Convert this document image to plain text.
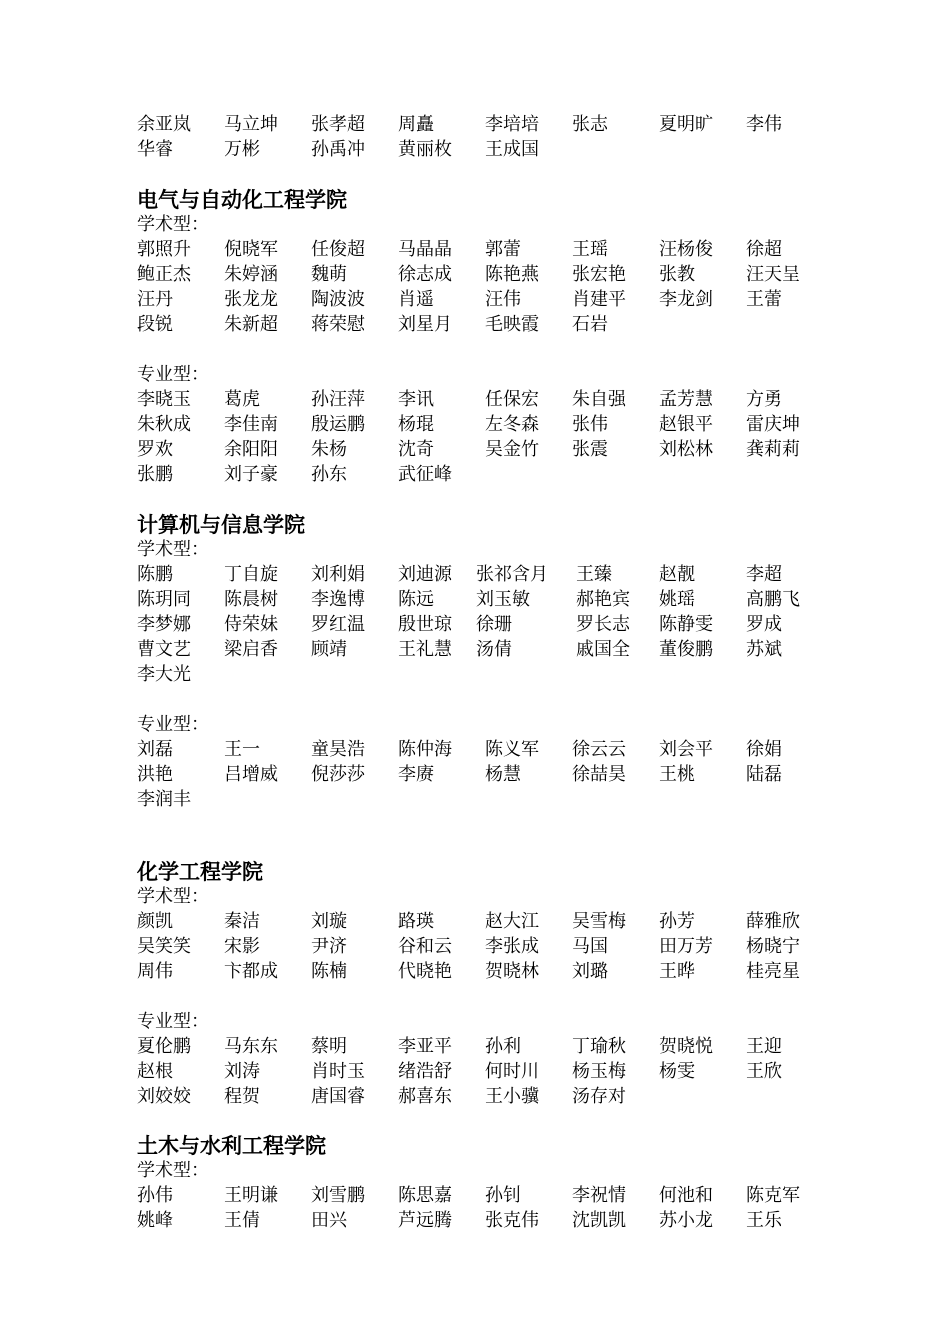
余亚岚 马立坤 张孝超 周矗	李培培 张志	夏明旷 李伟
华睿	万彬	孙禹冲 黄丽枚 王成国
电气与自动化工程学院
学术型：
郭照升 倪晓军 任俊超 马晶晶 郭蕾	王瑶	汪杨俊 徐超
鲍正杰 朱婷涵 魏萌	徐志成 陈艳燕 张宏艳 张教	汪天呈
汪丹	张龙龙 陶波波 肖遥	汪伟	肖建平 李龙剑 王蕾
段锐	朱新超 蒋荣慰 刘星月 毛映霞 石岩
专业型：
李晓玉 葛虎	孙汪萍 李讯	任保宏 朱自强 孟芳慧 方勇
朱秋成 李佳南 殷运鹏 杨琨	左冬森 张伟	赵银平 雷庆坤
罗欢	余阳阳 朱杨	沈奇	吴金竹 张震	刘松林 龚莉莉
张鹏	刘子豪 孙东	武征峰
计算机与信息学院
学术型：
陈鹏	丁自旋 刘利娟 刘迪源 张祁含月 王臻	赵靓	李超
陈玥同 陈晨树 李逸博 陈远 刘玉敏	郝艳宾 姚瑶	高鹏飞
李梦娜 侍荣妹 罗红温 殷世琼 徐珊	罗长志 陈静雯 罗成
曹文艺 梁启香 顾靖	王礼慧 汤倩	戚国全 董俊鹏 苏斌
李大光
专业型：
刘磊	王一	童昊浩 陈仲海 陈义军 徐云云 刘会平 徐娟
洪艳	吕增威 倪莎莎 李赓	杨慧	徐喆昊 王桃	陆磊
李润丰
化学工程学院
学术型：
颜凯	秦洁	刘璇	路瑛	赵大江 吴雪梅 孙芳	薛雅欣
吴笑笑 宋影	尹济	谷和云 李张成 马国	田万芳 杨晓宁
周伟	卞都成 陈楠	代晓艳 贺晓林 刘璐	王晔	桂亮星
专业型：
夏伦鹏 马东东 蔡明	李亚平 孙利	丁瑜秋 贺晓悦 王迎
赵根	刘涛	肖时玉 绪浩舒 何时川 杨玉梅 杨雯	王欣
刘姣姣 程贺	唐国睿 郝喜东 王小骥 汤存对
土木与水利工程学院
学术型：
孙伟	王明谦 刘雪鹏 陈思嘉 孙钊	李祝情 何池和 陈克军
姚峰	王倩	田兴	芦远腾 张克伟 沈凯凯 苏小龙 王乐
